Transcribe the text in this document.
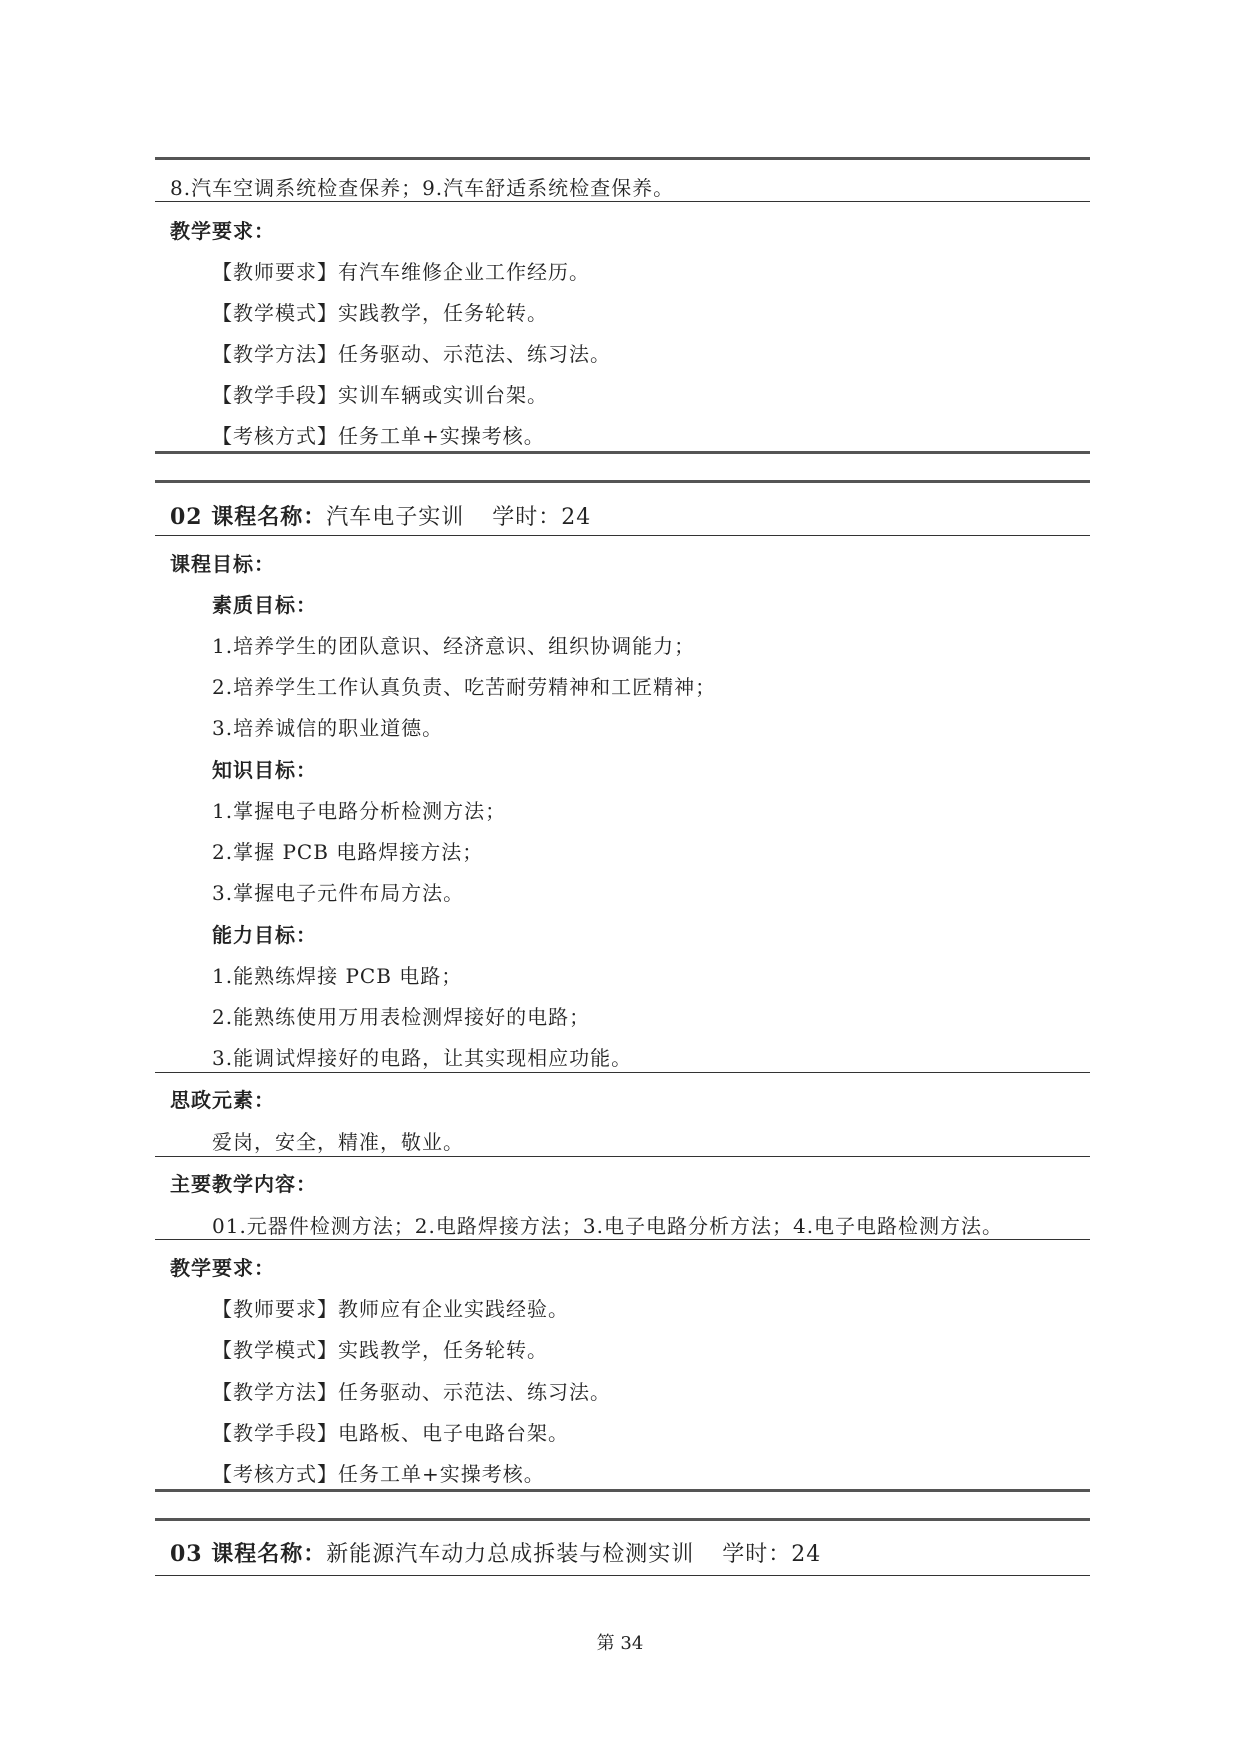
8.汽车空调系统检查保养；9.汽车舒适系统检查保养。
教学要求：
【教师要求】有汽车维修企业工作经历。
【教学模式】实践教学，任务轮转。
【教学方法】任务驱动、示范法、练习法。
【教学手段】实训车辆或实训台架。
【考核方式】任务工单+实操考核。
02 课程名称：汽车电子实训 学时：24
课程目标：
素质目标：
1.培养学生的团队意识、经济意识、组织协调能力；
2.培养学生工作认真负责、吃苦耐劳精神和工匠精神；
3.培养诚信的职业道德。
知识目标：
1.掌握电子电路分析检测方法；
2.掌握 PCB 电路焊接方法；
3.掌握电子元件布局方法。
能力目标：
1.能熟练焊接 PCB 电路；
2.能熟练使用万用表检测焊接好的电路；
3.能调试焊接好的电路，让其实现相应功能。
思政元素：
爱岗，安全，精准，敬业。
主要教学内容：
01.元器件检测方法；2.电路焊接方法；3.电子电路分析方法；4.电子电路检测方法。
教学要求：
【教师要求】教师应有企业实践经验。
【教学模式】实践教学，任务轮转。
【教学方法】任务驱动、示范法、练习法。
【教学手段】电路板、电子电路台架。
【考核方式】任务工单+实操考核。
03 课程名称：新能源汽车动力总成拆装与检测实训 学时：24
第 34
